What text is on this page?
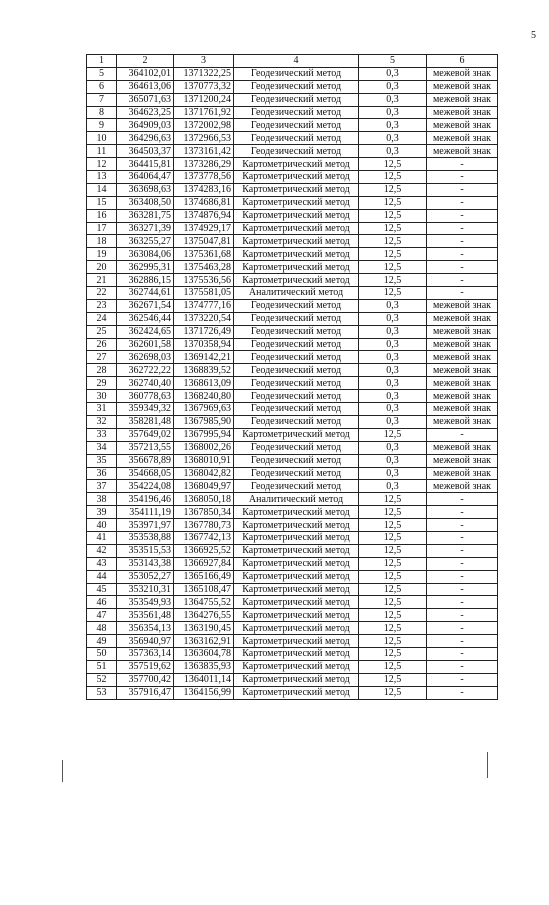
5
1	2	3	4	5	6
5	364102,01	1371322,25	Геодезический метод	0,3	межевой знак
6	364613,06	1370773,32	Геодезический метод	0,3	межевой знак
7	365071,63	1371200,24	Геодезический метод	0,3	межевой знак
8	364623,25	1371761,92	Геодезический метод	0,3	межевой знак
9	364909,03	1372002,98	Геодезический метод	0,3	межевой знак
10	364296,63	1372966,53	Геодезический метод	0,3	межевой знак
11	364503,37	1373161,42	Геодезический метод	0,3	межевой знак
12	364415,81	1373286,29	Картометрический метод	12,5	-
13	364064,47	1373778,56	Картометрический метод	12,5	-
14	363698,63	1374283,16	Картометрический метод	12,5	-
15	363408,50	1374686,81	Картометрический метод	12,5	-
16	363281,75	1374876,94	Картометрический метод	12,5	-
17	363271,39	1374929,17	Картометрический метод	12,5	-
18	363255,27	1375047,81	Картометрический метод	12,5	-
19	363084,06	1375361,68	Картометрический метод	12,5	-
20	362995,31	1375463,28	Картометрический метод	12,5	-
21	362886,15	1375536,56	Картометрический метод	12,5	-
22	362744,61	1375581,05	Аналитический метод	12,5	-
23	362671,54	1374777,16	Геодезический метод	0,3	межевой знак
24	362546,44	1373220,54	Геодезический метод	0,3	межевой знак
25	362424,65	1371726,49	Геодезический метод	0,3	межевой знак
26	362601,58	1370358,94	Геодезический метод	0,3	межевой знак
27	362698,03	1369142,21	Геодезический метод	0,3	межевой знак
28	362722,22	1368839,52	Геодезический метод	0,3	межевой знак
29	362740,40	1368613,09	Геодезический метод	0,3	межевой знак
30	360778,63	1368240,80	Геодезический метод	0,3	межевой знак
31	359349,32	1367969,63	Геодезический метод	0,3	межевой знак
32	358281,48	1367985,90	Геодезический метод	0,3	межевой знак
33	357649,02	1367995,94	Картометрический метод	12,5	-
34	357213,55	1368002,26	Геодезический метод	0,3	межевой знак
35	356678,89	1368010,91	Геодезический метод	0,3	межевой знак
36	354668,05	1368042,82	Геодезический метод	0,3	межевой знак
37	354224,08	1368049,97	Геодезический метод	0,3	межевой знак
38	354196,46	1368050,18	Аналитический метод	12,5	-
39	354111,19	1367850,34	Картометрический метод	12,5	-
40	353971,97	1367780,73	Картометрический метод	12,5	-
41	353538,88	1367742,13	Картометрический метод	12,5	-
42	353515,53	1366925,52	Картометрический метод	12,5	-
43	353143,38	1366927,84	Картометрический метод	12,5	-
44	353052,27	1365166,49	Картометрический метод	12,5	-
45	353210,31	1365108,47	Картометрический метод	12,5	-
46	353549,93	1364755,52	Картометрический метод	12,5	-
47	353561,48	1364276,55	Картометрический метод	12,5	-
48	356354,13	1363190,45	Картометрический метод	12,5	-
49	356940,97	1363162,91	Картометрический метод	12,5	-
50	357363,14	1363604,78	Картометрический метод	12,5	-
51	357519,62	1363835,93	Картометрический метод	12,5	-
52	357700,42	1364011,14	Картометрический метод	12,5	-
53	357916,47	1364156,99	Картометрический метод	12,5	-
